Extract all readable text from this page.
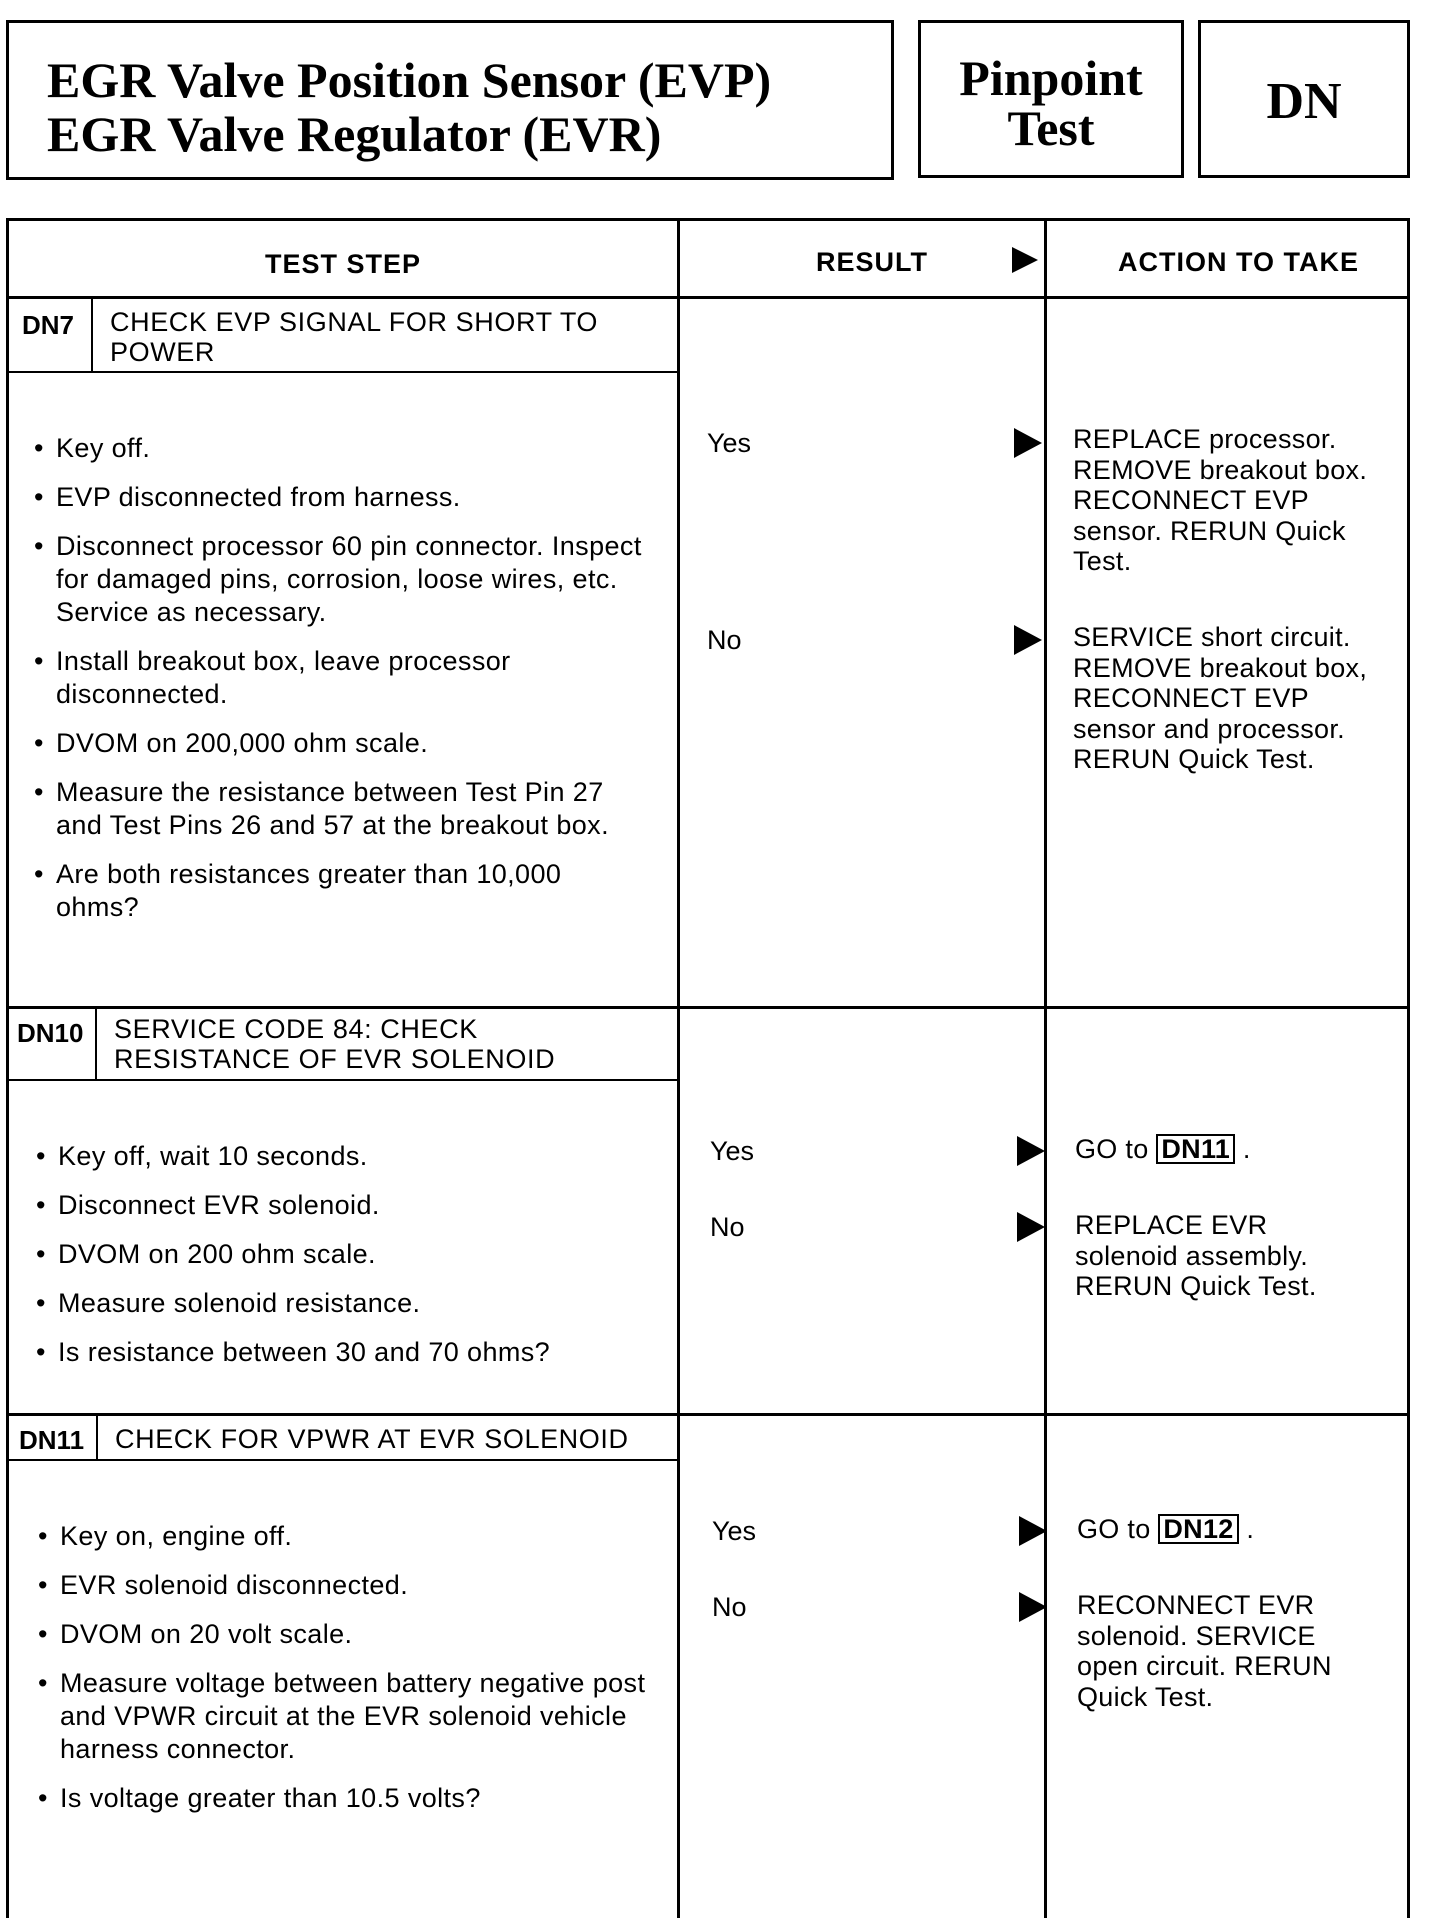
EGR Valve Position Sensor (EVP)
EGR Valve Regulator (EVR)
Pinpoint
Test	DN
TEST STEP	RESULT	ACTION TO TAKE
DN7 CHECK EVP SIGNAL FOR SHORT TO
POWER
• Key off.
• EVP disconnected from harness.
• Disconnect processor 60 pin connector. Inspect for damaged pins, corrosion, loose wires, etc. Service as necessary.
• Install breakout box, leave processor disconnected.
• DVOM on 200,000 ohm scale.
• Measure the resistance between Test Pin 27 and Test Pins 26 and 57 at the breakout box.
• Are both resistances greater than 10,000 ohms?
Yes	REPLACE processor.
REMOVE breakout box.
RECONNECT EVP
sensor. RERUN Quick
Test.
No	SERVICE short circuit.
REMOVE breakout box,
RECONNECT EVP
sensor and processor.
RERUN Quick Test.
DN10 SERVICE CODE 84: CHECK
RESISTANCE OF EVR SOLENOID
• Key off, wait 10 seconds.
• Disconnect EVR solenoid.
• DVOM on 200 ohm scale.
• Measure solenoid resistance.
• Is resistance between 30 and 70 ohms?
Yes	GO to DN11 .
No	REPLACE EVR
solenoid assembly.
RERUN Quick Test.
DN11 CHECK FOR VPWR AT EVR SOLENOID
• Key on, engine off.
• EVR solenoid disconnected.
• DVOM on 20 volt scale.
• Measure voltage between battery negative post and VPWR circuit at the EVR solenoid vehicle harness connector.
• Is voltage greater than 10.5 volts?
Yes	GO to DN12 .
No	RECONNECT EVR
solenoid. SERVICE
open circuit. RERUN
Quick Test.
